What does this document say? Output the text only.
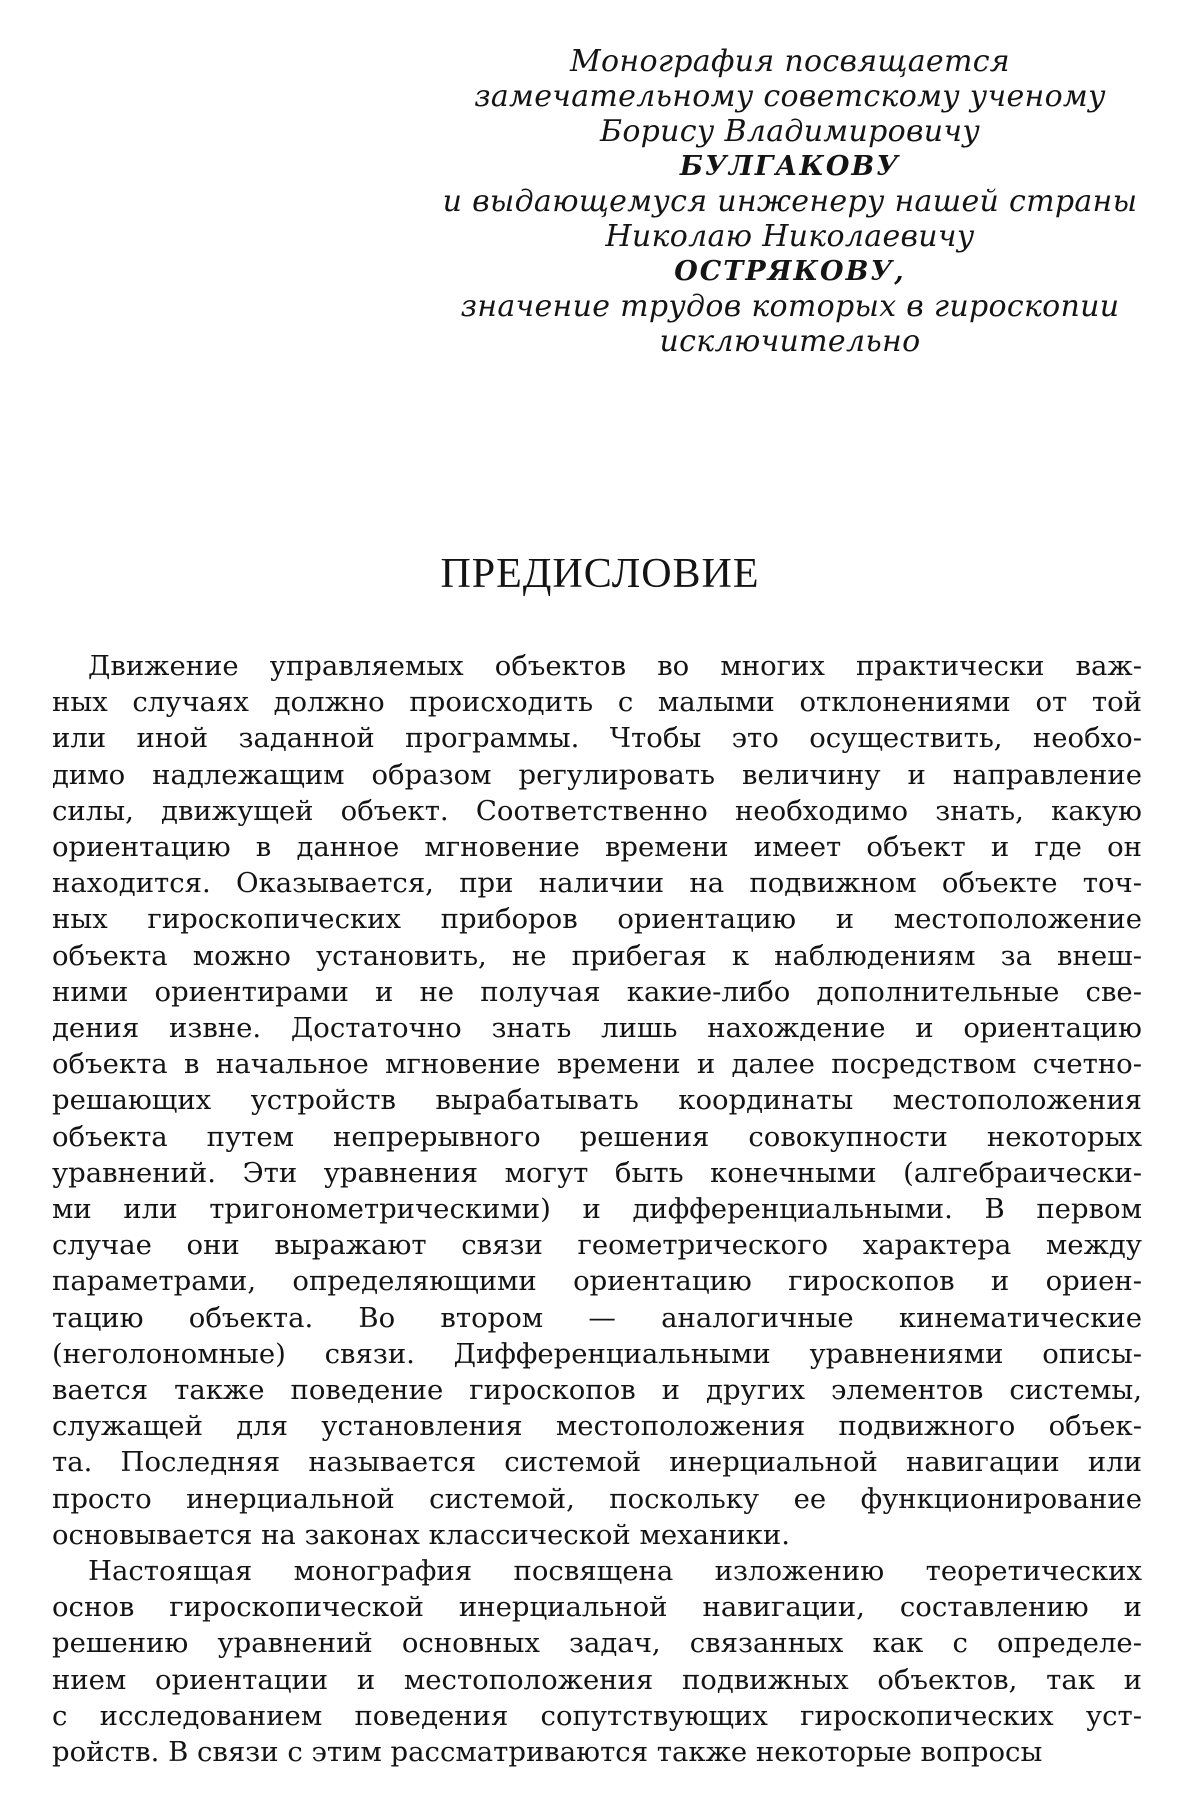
Монография посвящается
замечательному советскому ученому
Борису Владимировичу
БУЛГАКОВУ
и выдающемуся инженеру нашей страны
Николаю Николаевичу
ОСТРЯКОВУ,
значение трудов которых в гироскопии
исключительно
ПРЕДИСЛОВИЕ
Движение управляемых объектов во многих практически важ-
ных случаях должно происходить с малыми отклонениями от той
или иной заданной программы. Чтобы это осуществить, необхо-
димо надлежащим образом регулировать величину и направление
силы, движущей объект. Соответственно необходимо знать, какую
ориентацию в данное мгновение времени имеет объект и где он
находится. Оказывается, при наличии на подвижном объекте точ-
ных гироскопических приборов ориентацию и местоположение
объекта можно установить, не прибегая к наблюдениям за внеш-
ними ориентирами и не получая какие-либо дополнительные све-
дения извне. Достаточно знать лишь нахождение и ориентацию
объекта в начальное мгновение времени и далее посредством счетно-
решающих устройств вырабатывать координаты местоположения
объекта путем непрерывного решения совокупности некоторых
уравнений. Эти уравнения могут быть конечными (алгебраически-
ми или тригонометрическими) и дифференциальными. В первом
случае они выражают связи геометрического характера между
параметрами, определяющими ориентацию гироскопов и ориен-
тацию объекта. Во втором — аналогичные кинематические
(неголономные) связи. Дифференциальными уравнениями описы-
вается также поведение гироскопов и других элементов системы,
служащей для установления местоположения подвижного объек-
та. Последняя называется системой инерциальной навигации или
просто инерциальной системой, поскольку ее функционирование
основывается на законах классической механики.
Настоящая монография посвящена изложению теоретических
основ гироскопической инерциальной навигации, составлению и
решению уравнений основных задач, связанных как с определе-
нием ориентации и местоположения подвижных объектов, так и
с исследованием поведения сопутствующих гироскопических уст-
ройств. В связи с этим рассматриваются также некоторые вопросы
